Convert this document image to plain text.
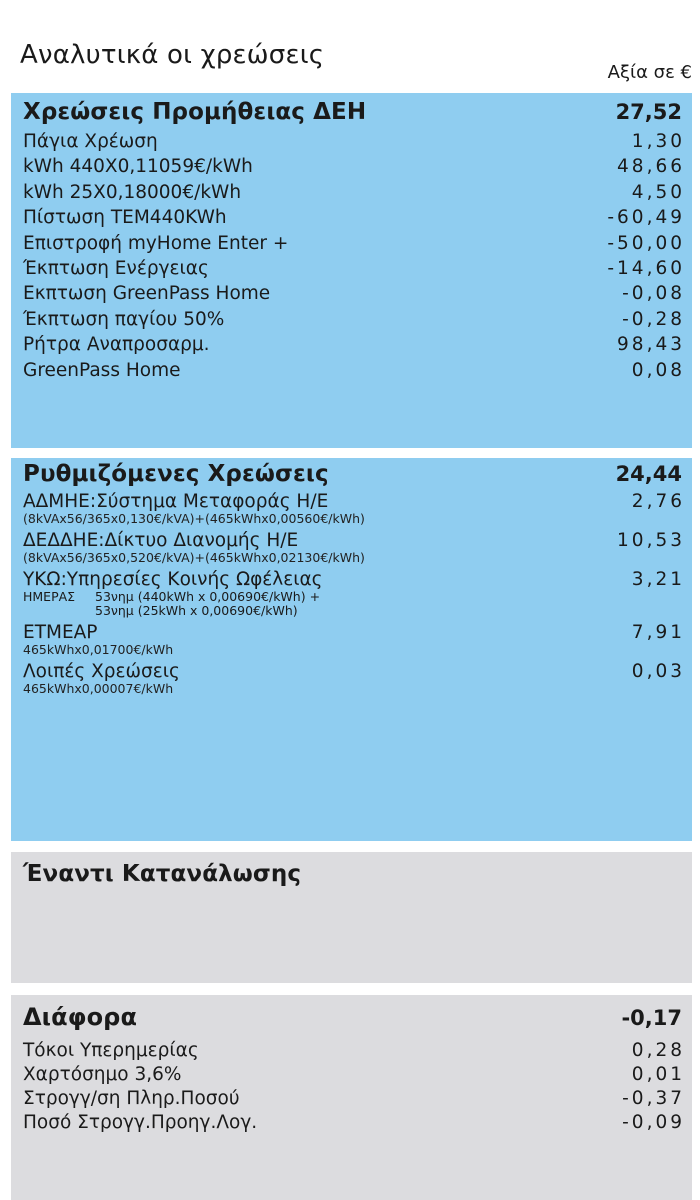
Αναλυτικά οι χρεώσεις
Αξία σε €
Χρεώσεις Προμήθειας ΔΕΗ	27,52
Πάγια Χρέωση	1,30
kWh 440X0,11059€/kWh	48,66
kWh 25X0,18000€/kWh	4,50
Πίστωση ΤΕΜ440KWh	-60,49
Επιστροφή myHome Enter +	-50,00
Έκπτωση Ενέργειας	-14,60
Εκπτωση GreenPass Home	-0,08
Έκπτωση παγίου 50%	-0,28
Ρήτρα Αναπροσαρμ.	98,43
GreenPass Home	0,08
Ρυθμιζόμενες Χρεώσεις	24,44
ΑΔΜΗΕ:Σύστημα Μεταφοράς Η/Ε	2,76
(8kVAx56/365x0,130€/kVA)+(465kWhx0,00560€/kWh)
ΔΕΔΔΗΕ:Δίκτυο Διανομής Η/Ε	10,53
(8kVAx56/365x0,520€/kVA)+(465kWhx0,02130€/kWh)
ΥΚΩ:Υπηρεσίες Κοινής Ωφέλειας	3,21
ΗΜΕΡΑΣ	53νημ (440kWh x 0,00690€/kWh) +
53νημ (25kWh x 0,00690€/kWh)
ΕΤΜΕΑΡ	7,91
465kWhx0,01700€/kWh
Λοιπές Χρεώσεις	0,03
465kWhx0,00007€/kWh
Έναντι Κατανάλωσης
Διάφορα	-0,17
Τόκοι Υπερημερίας	0,28
Χαρτόσημο 3,6%	0,01
Στρογγ/ση Πληρ.Ποσού	-0,37
Ποσό Στρογγ.Προηγ.Λογ.	-0,09
